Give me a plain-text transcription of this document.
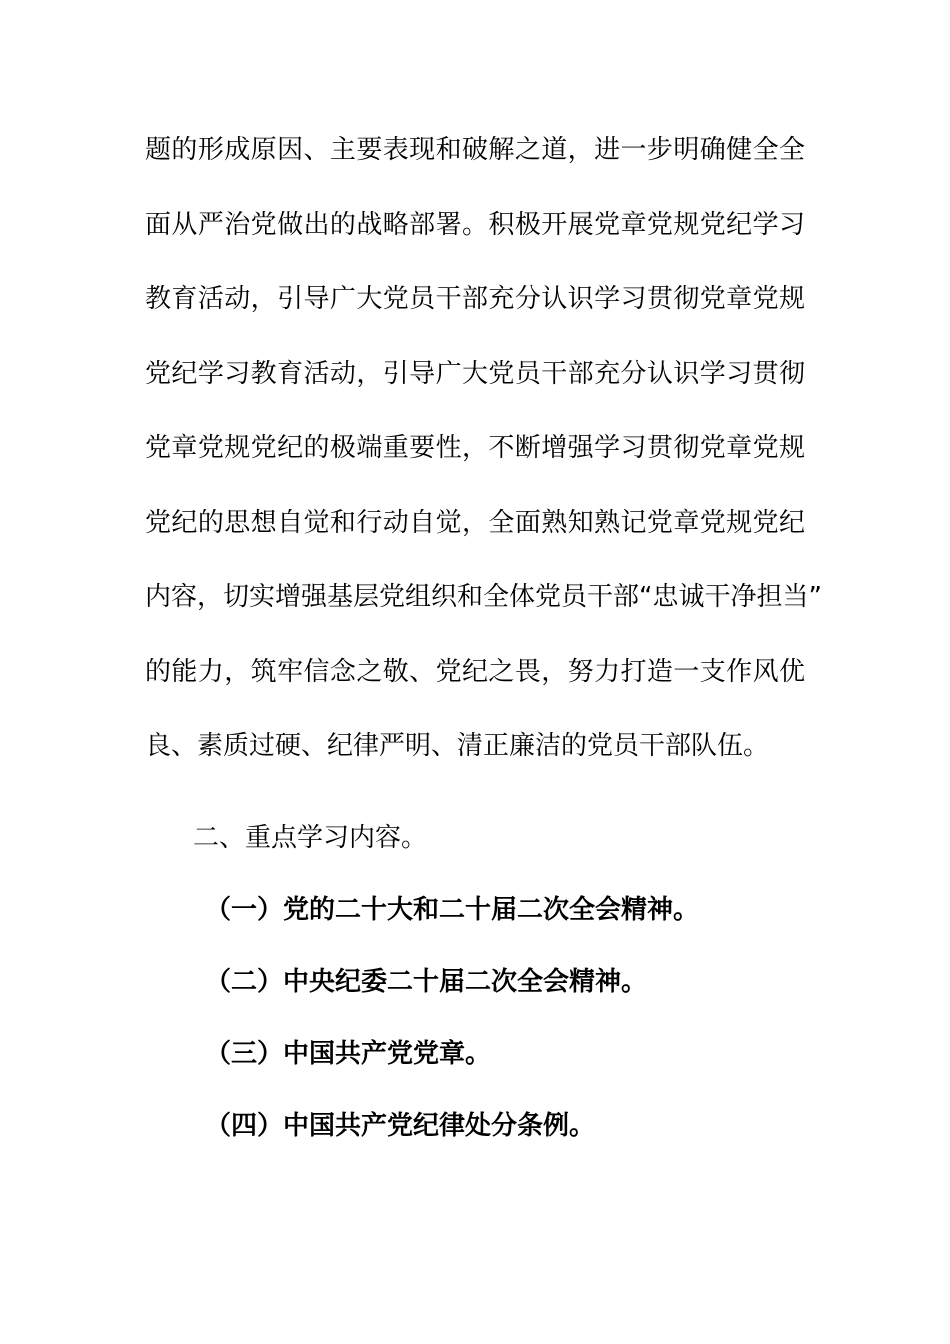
题的形成原因、主要表现和破解之道，进一步明确健全全
面从严治党做出的战略部署。积极开展党章党规党纪学习
教育活动，引导广大党员干部充分认识学习贯彻党章党规
党纪学习教育活动，引导广大党员干部充分认识学习贯彻
党章党规党纪的极端重要性，不断增强学习贯彻党章党规
党纪的思想自觉和行动自觉，全面熟知熟记党章党规党纪
内容，切实增强基层党组织和全体党员干部“忠诚干净担当”
的能力，筑牢信念之敬、党纪之畏，努力打造一支作风优
良、素质过硬、纪律严明、清正廉洁的党员干部队伍。
二、重点学习内容。
（一）党的二十大和二十届二次全会精神。
（二）中央纪委二十届二次全会精神。
（三）中国共产党党章。
（四）中国共产党纪律处分条例。
